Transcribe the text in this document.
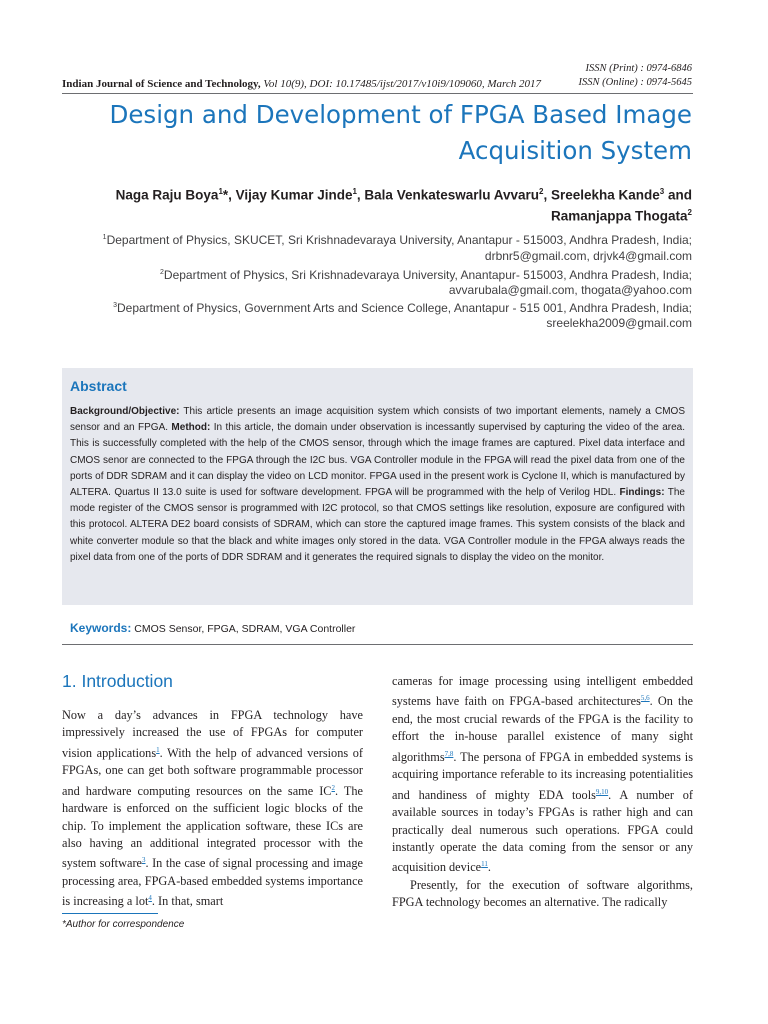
ISSN (Print) : 0974-6846
ISSN (Online) : 0974-5645
Indian Journal of Science and Technology, Vol 10(9), DOI: 10.17485/ijst/2017/v10i9/109060, March 2017
Design and Development of FPGA Based Image
Acquisition System
Naga Raju Boya$^1$*, Vijay Kumar Jinde$^1$, Bala Venkateswarlu Avvaru$^2$, Sreelekha Kande$^3$ and
Ramanjappa Thogata$^2$
$^1$Department of Physics, SKUCET, Sri Krishnadevaraya University, Anantapur - 515003, Andhra Pradesh, India;
drbnr5@gmail.com, drjvk4@gmail.com
$^2$Department of Physics, Sri Krishnadevaraya University, Anantapur- 515003, Andhra Pradesh, India;
avvarubala@gmail.com, thogata@yahoo.com
$^3$Department of Physics, Government Arts and Science College, Anantapur - 515 001, Andhra Pradesh, India;
sreelekha2009@gmail.com
Abstract
Background/Objective: This article presents an image acquisition system which consists of two important elements, namely a CMOS sensor and an FPGA. Method: In this article, the domain under observation is incessantly supervised by capturing the video of the area. This is successfully completed with the help of the CMOS sensor, through which the image frames are captured. Pixel data interface and CMOS senor are connected to the FPGA through the I2C bus. VGA Controller module in the FPGA will read the pixel data from one of the ports of DDR SDRAM and it can display the video on LCD monitor. FPGA used in the present work is Cyclone II, which is manufactured by ALTERA. Quartus II 13.0 suite is used for software development. FPGA will be programmed with the help of Verilog HDL. Findings: The mode register of the CMOS sensor is programmed with I2C protocol, so that CMOS settings like resolution, exposure are configured with this protocol. ALTERA DE2 board consists of SDRAM, which can store the captured image frames. This system consists of the black and white converter module so that the black and white images only stored in the data. VGA Controller module in the FPGA always reads the pixel data from one of the ports of DDR SDRAM and it generates the required signals to display the video on the monitor.
Keywords: CMOS Sensor, FPGA, SDRAM, VGA Controller
1. Introduction
Now a day’s advances in FPGA technology have impressively increased the use of FPGAs for computer vision applications$^1$. With the help of advanced versions of FPGAs, one can get both software programmable processor and hardware computing resources on the same $IC^2$. The hardware is enforced on the sufficient logic blocks of the chip. To implement the application software, these ICs are also having an additional integrated processor with the system software$^3$. In the case of signal processing and image processing area, FPGA-based embedded systems importance is increasing a lot$^4$. In that, smart

cameras for image processing using intelligent embedded systems have faith on FPGA-based architectures$^{5,6}$. On the end, the most crucial rewards of the FPGA is the facility to effort the in-house parallel existence of many sight algorithms$^{7,8}$. The persona of FPGA in embedded systems is acquiring importance referable to its increasing potentialities and handiness of mighty EDA tools$^{9,10}$. A number of available sources in today’s FPGAs is rather high and can practically deal numerous such operations. FPGA could instantly operate the data coming from the sensor or any acquisition device$^{11}$.

Presently, for the execution of software algorithms, FPGA technology becomes an alternative. The radically

*Author for correspondence
